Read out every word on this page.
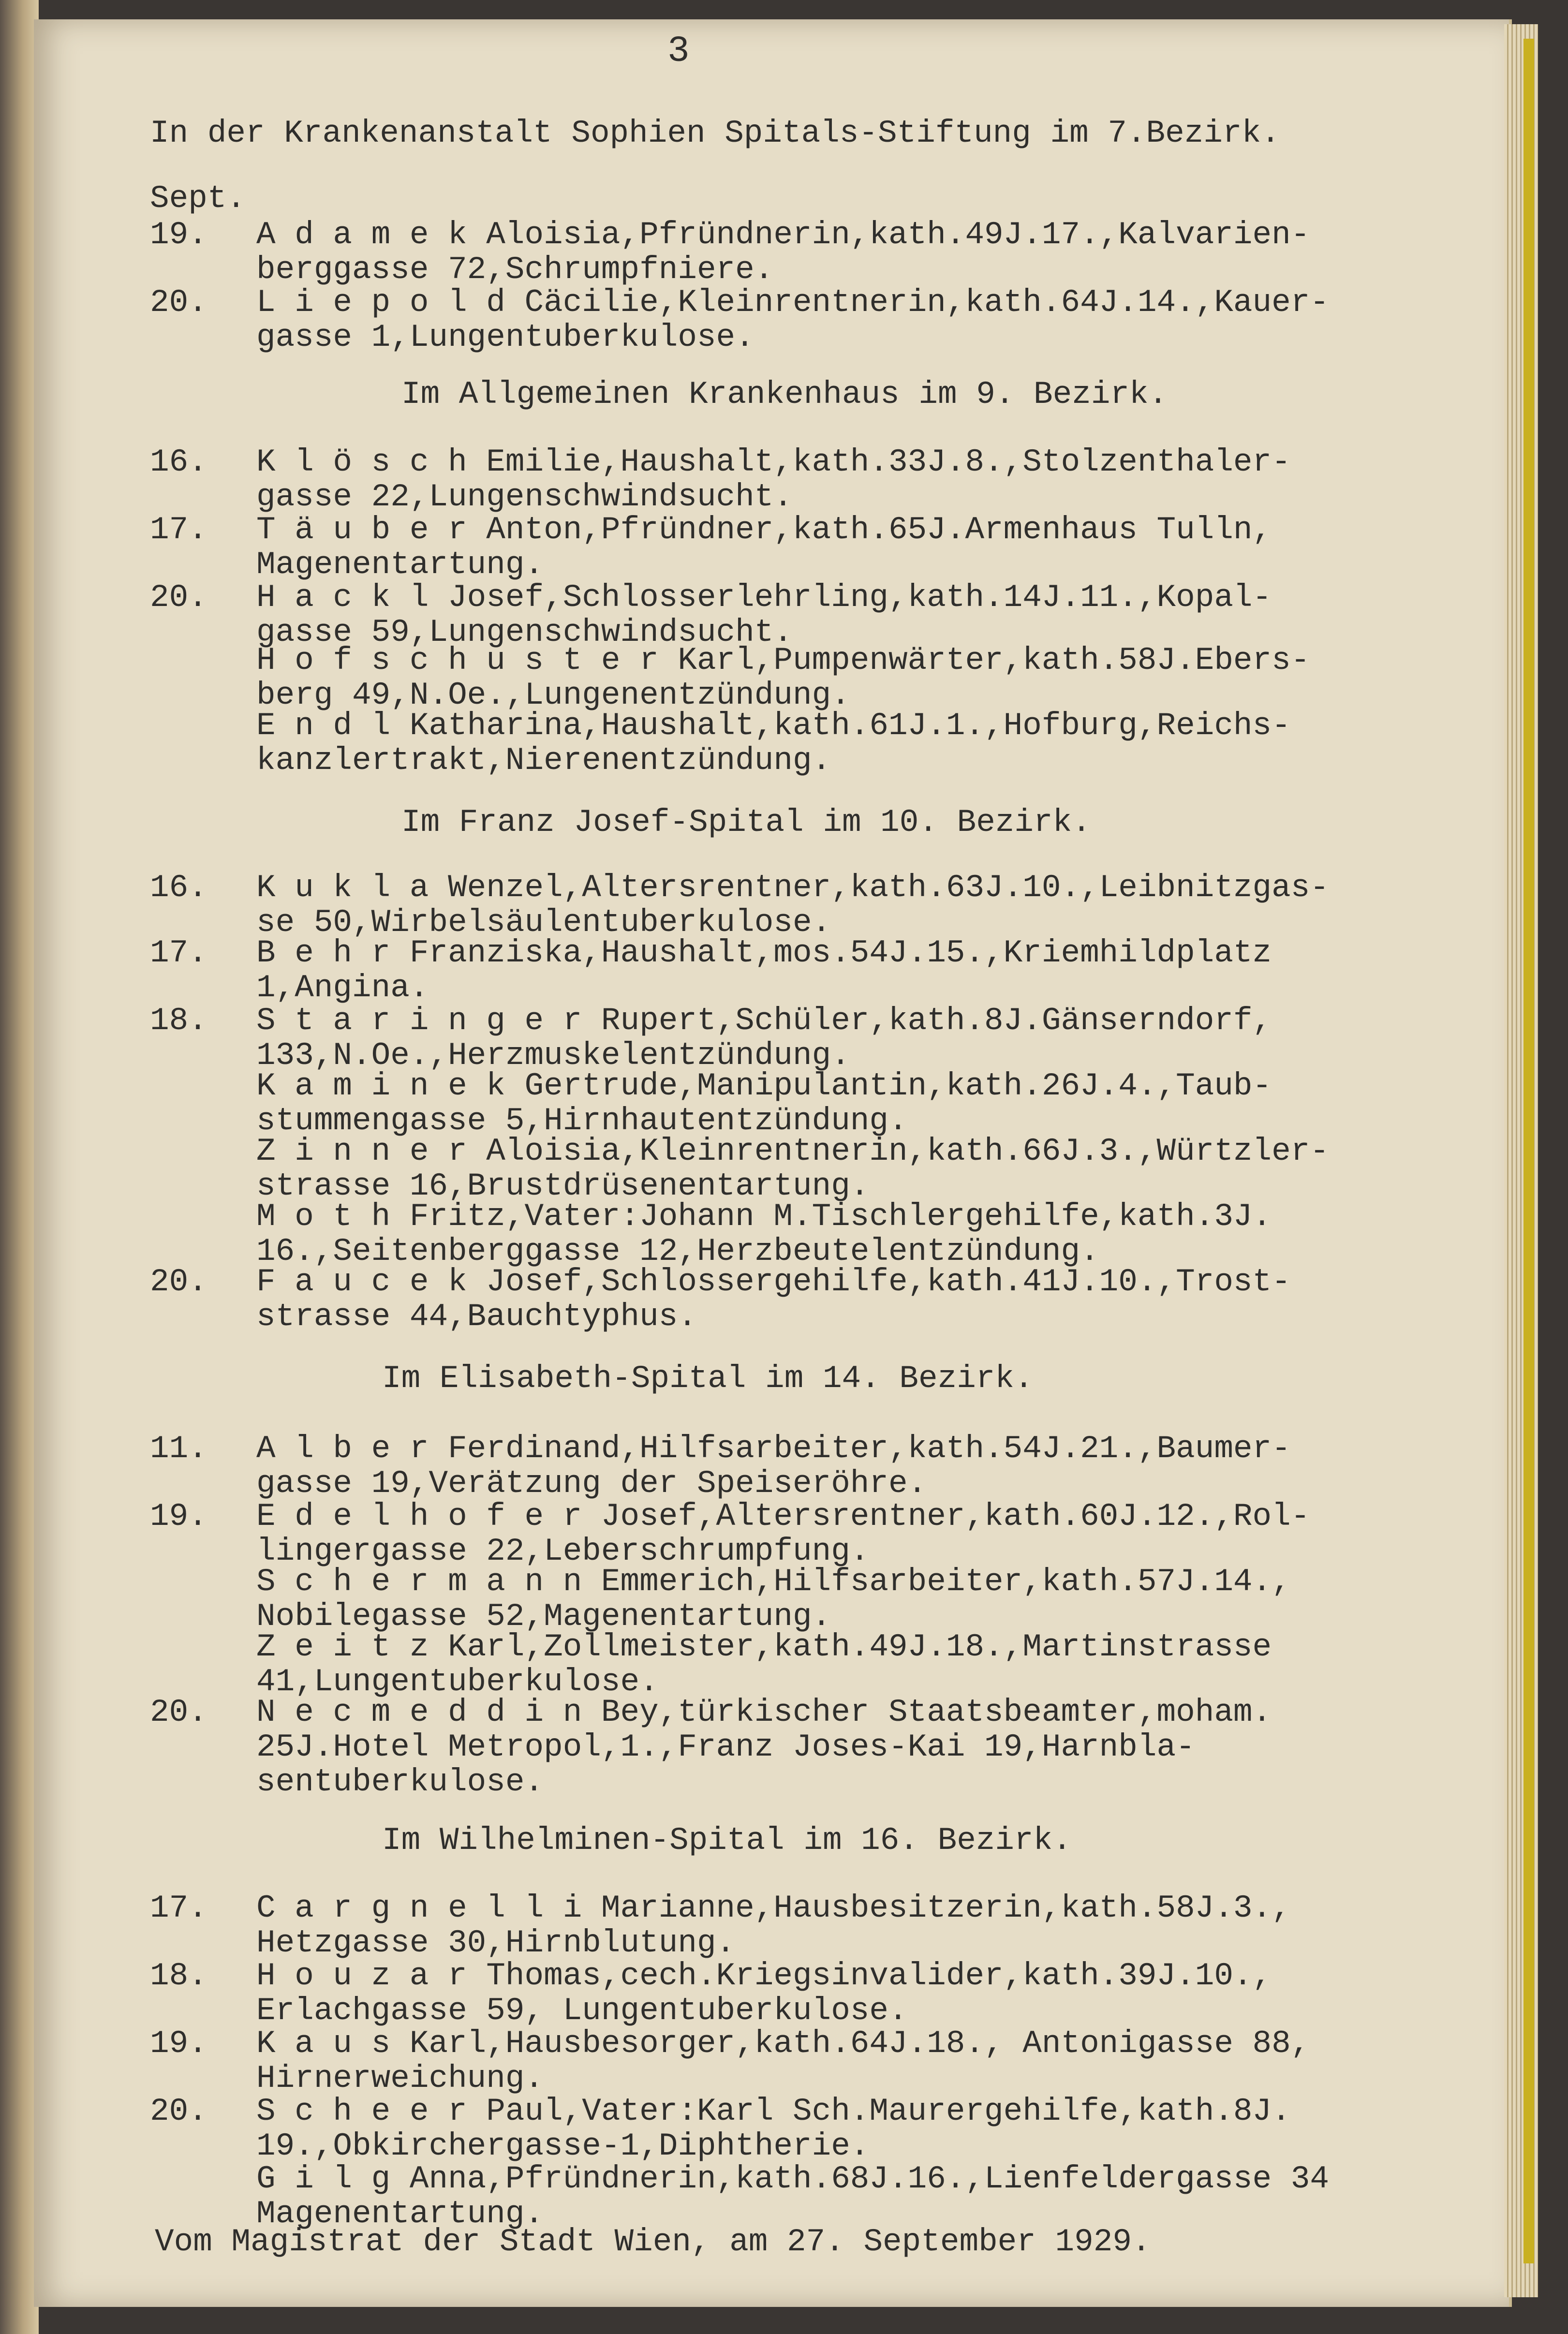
3
In der Krankenanstalt Sophien Spitals-Stiftung im 7.Bezirk.
Sept.
19.	A d a m e k Aloisia,Pfründnerin,kath.49J.17.,Kalvarien-
berggasse 72,Schrumpfniere.
20.	L i e p o l d Cäcilie,Kleinrentnerin,kath.64J.14.,Kauer-
gasse 1,Lungentuberkulose.
Im Allgemeinen Krankenhaus im 9. Bezirk.
16.	K l ö s c h Emilie,Haushalt,kath.33J.8.,Stolzenthaler-
gasse 22,Lungenschwindsucht.
17.	T ä u b e r Anton,Pfründner,kath.65J.Armenhaus Tulln,
Magenentartung.
20.	H a c k l Josef,Schlosserlehrling,kath.14J.11.,Kopal-
gasse 59,Lungenschwindsucht.
H o f s c h u s t e r Karl,Pumpenwärter,kath.58J.Ebers-
berg 49,N.Oe.,Lungenentzündung.
E n d l Katharina,Haushalt,kath.61J.1.,Hofburg,Reichs-
kanzlertrakt,Nierenentzündung.
Im Franz Josef-Spital im 10. Bezirk.
16.	K u k l a Wenzel,Altersrentner,kath.63J.10.,Leibnitzgas-
se 50,Wirbelsäulentuberkulose.
17.	B e h r Franziska,Haushalt,mos.54J.15.,Kriemhildplatz
1,Angina.
18.	S t a r i n g e r Rupert,Schüler,kath.8J.Gänserndorf,
133,N.Oe.,Herzmuskelentzündung.
K a m i n e k Gertrude,Manipulantin,kath.26J.4.,Taub-
stummengasse 5,Hirnhautentzündung.
Z i n n e r Aloisia,Kleinrentnerin,kath.66J.3.,Würtzler-
strasse 16,Brustdrüsenentartung.
M o t h Fritz,Vater:Johann M.Tischlergehilfe,kath.3J.
16.,Seitenberggasse 12,Herzbeutelentzündung.
20.	F a u c e k Josef,Schlossergehilfe,kath.41J.10.,Trost-
strasse 44,Bauchtyphus.
Im Elisabeth-Spital im 14. Bezirk.
11.	A l b e r Ferdinand,Hilfsarbeiter,kath.54J.21.,Baumer-
gasse 19,Verätzung der Speiseröhre.
19.	E d e l h o f e r Josef,Altersrentner,kath.60J.12.,Rol-
lingergasse 22,Leberschrumpfung.
S c h e r m a n n Emmerich,Hilfsarbeiter,kath.57J.14.,
Nobilegasse 52,Magenentartung.
Z e i t z Karl,Zollmeister,kath.49J.18.,Martinstrasse
41,Lungentuberkulose.
20.	N e c m e d d i n Bey,türkischer Staatsbeamter,moham.
25J.Hotel Metropol,1.,Franz Joses-Kai 19,Harnbla-
sentuberkulose.
Im Wilhelminen-Spital im 16. Bezirk.
17.	C a r g n e l l i Marianne,Hausbesitzerin,kath.58J.3.,
Hetzgasse 30,Hirnblutung.
18.	H o u z a r Thomas,cech.Kriegsinvalider,kath.39J.10.,
Erlachgasse 59, Lungentuberkulose.
19.	K a u s Karl,Hausbesorger,kath.64J.18., Antonigasse 88,
Hirnerweichung.
20.	S c h e e r Paul,Vater:Karl Sch.Maurergehilfe,kath.8J.
19.,Obkirchergasse-1,Diphtherie.
G i l g Anna,Pfründnerin,kath.68J.16.,Lienfeldergasse 34
Magenentartung.
Vom Magistrat der Stadt Wien, am 27. September 1929.
